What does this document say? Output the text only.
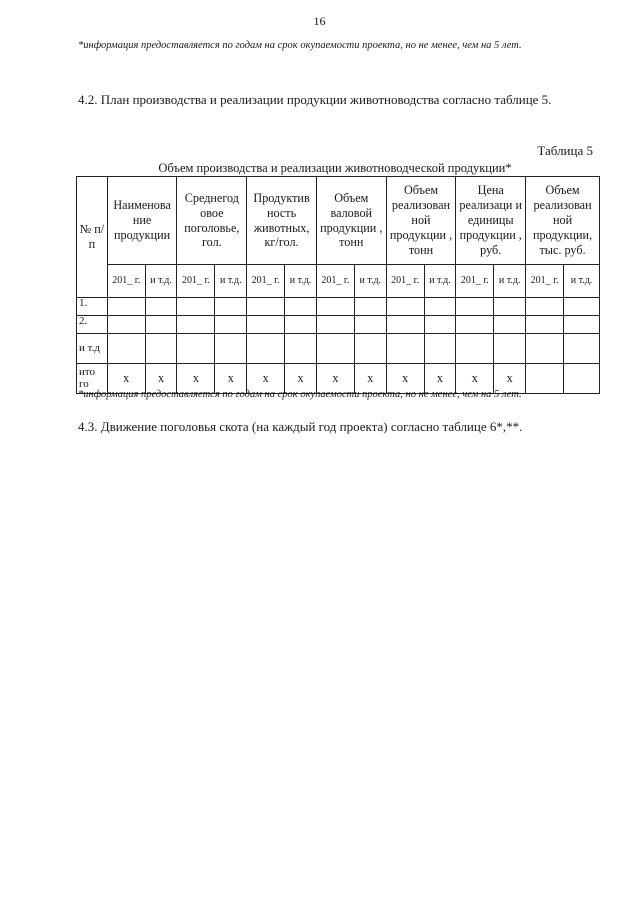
16
*информация предоставляется по годам на срок окупаемости проекта, но не менее, чем на 5 лет.
4.2. План производства и реализации продукции животноводства согласно таблице 5.
Таблица 5
Объем производства и реализации животноводческой продукции*
№ п/п	Наименова ние продукции		Среднегод овое поголовье, гол.		Продуктив ность животных, кг/гол.		Объем валовой продукции , тонн		Объем реализован ной продукции , тонн		Цена реализаци и единицы продукции , руб.		Объем реализован ной продукции, тыс. руб.	
	201_ г.	и т.д.	201_ г.	и т.д.	201_ г.	и т.д.	201_ г.	и т.д.	201_ г.	и т.д.	201_ г.	и т.д.	201_ г.	и т.д.
1.														
2.														
и т.д														
ито го	x	x	x	x	x	x	x	x	x	x	x	x		
*информация предоставляется по годам на срок окупаемости проекта, но не менее, чем на 5 лет.
4.3. Движение поголовья скота (на каждый год проекта) согласно таблице 6*,**.
